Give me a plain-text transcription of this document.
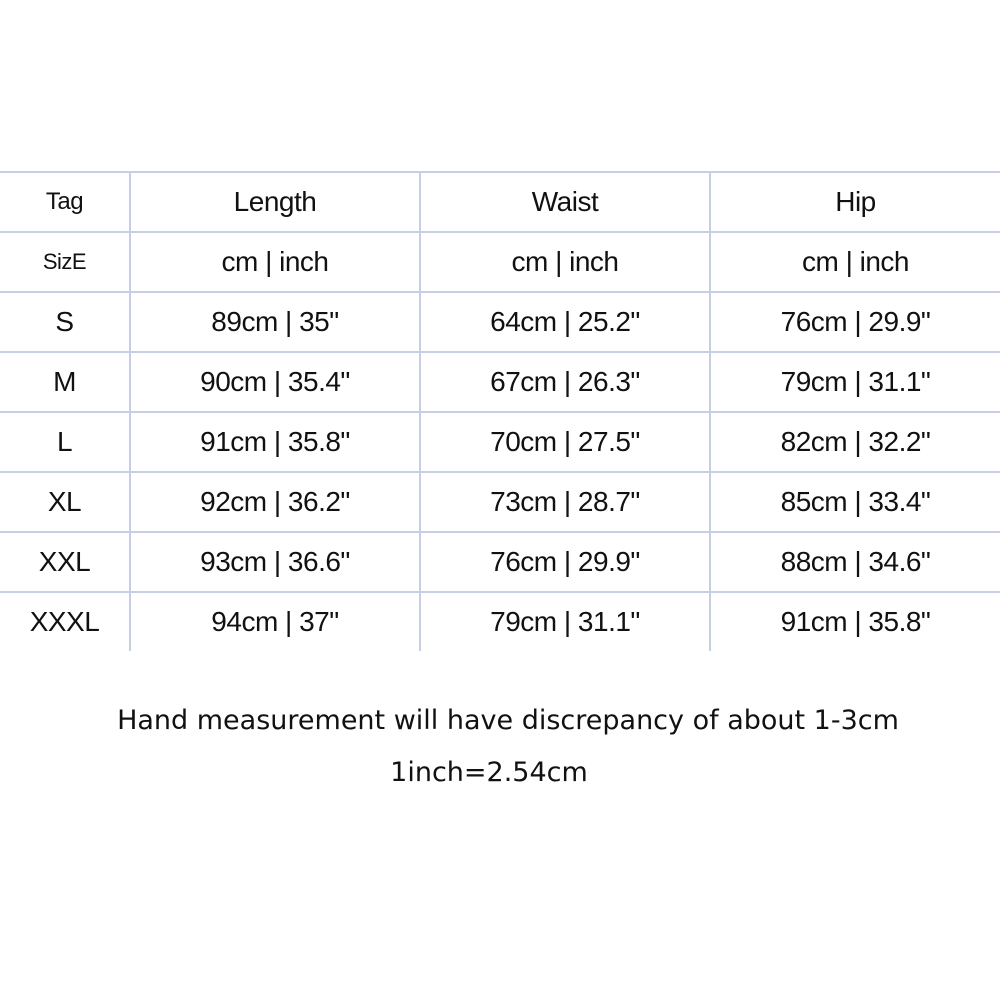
Tag	Length	Waist	Hip
SizE	cm | inch	cm | inch	cm | inch
S	89cm | 35"	64cm | 25.2"	76cm | 29.9"
M	90cm | 35.4"	67cm | 26.3"	79cm | 31.1"
L	91cm | 35.8"	70cm | 27.5"	82cm | 32.2"
XL	92cm | 36.2"	73cm | 28.7"	85cm | 33.4"
XXL	93cm | 36.6"	76cm | 29.9"	88cm | 34.6"
XXXL	94cm | 37"	79cm | 31.1"	91cm | 35.8"
Hand measurement will have discrepancy of about 1-3cm
1inch=2.54cm
